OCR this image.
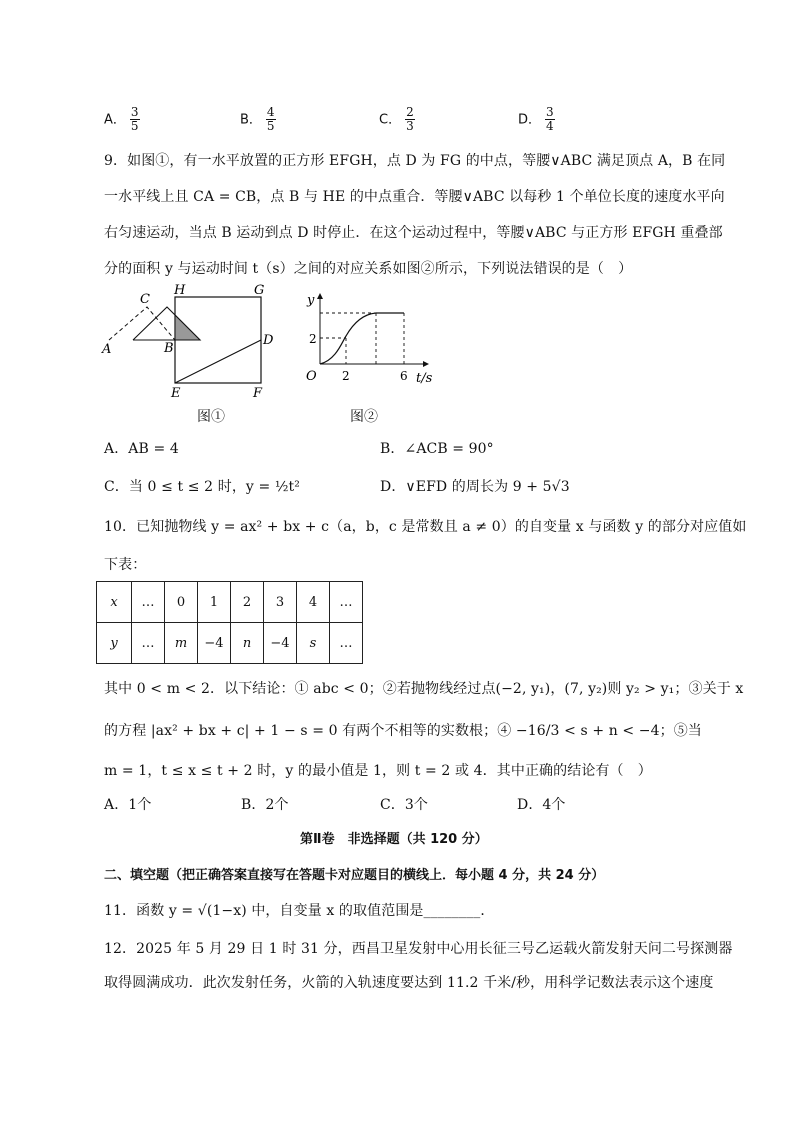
A． $\frac{3}{5}$	B． $\frac{4}{5}$	C． $\frac{2}{3}$	D． $\frac{3}{4}$
9．如图①，有一水平放置的正方形 EFGH，点 D 为 FG 的中点，等腰∨ABC 满足顶点 A，B 在同
一水平线上且 CA = CB，点 B 与 HE 的中点重合．等腰∨ABC 以每秒 1 个单位长度的速度水平向
右匀速运动，当点 B 运动到点 D 时停止．在这个运动过程中，等腰∨ABC 与正方形 EFGH 重叠部
分的面积 y 与运动时间 t（s）之间的对应关系如图②所示，下列说法错误的是（　）
C
H	G
D
A	B
E	F
图①
y
O
2
2	6 t/s
图②
A．AB = 4	B．∠ACB = 90°
C．当 0 ≤ t ≤ 2 时，y = ½t²	D．∨EFD 的周长为 9 + 5√3
10．已知抛物线 y = ax² + bx + c（a，b，c 是常数且 a ≠ 0）的自变量 x 与函数 y 的部分对应值如
下表：
x	…	0	1	2	3	4	…
y	…	m	−4	n	−4	s	…
其中 0 < m < 2．以下结论：① abc < 0；②若抛物线经过点(−2, y₁)，(7, y₂)则 y₂ > y₁；③关于 x
的方程 |ax² + bx + c| + 1 − s = 0 有两个不相等的实数根；④ −16/3 < s + n < −4；⑤当
m = 1，t ≤ x ≤ t + 2 时，y 的最小值是 1，则 t = 2 或 4．其中正确的结论有（　）
A．1个	B．2个	C．3个	D．4个
第Ⅱ卷　非选择题（共 120 分）
二、填空题（把正确答案直接写在答题卡对应题目的横线上．每小题 4 分，共 24 分）
11．函数 y = √(1−x) 中，自变量 x 的取值范围是________．
12．2025 年 5 月 29 日 1 时 31 分，西昌卫星发射中心用长征三号乙运载火箭发射天问二号探测器
取得圆满成功．此次发射任务，火箭的入轨速度要达到 11.2 千米/秒，用科学记数法表示这个速度
